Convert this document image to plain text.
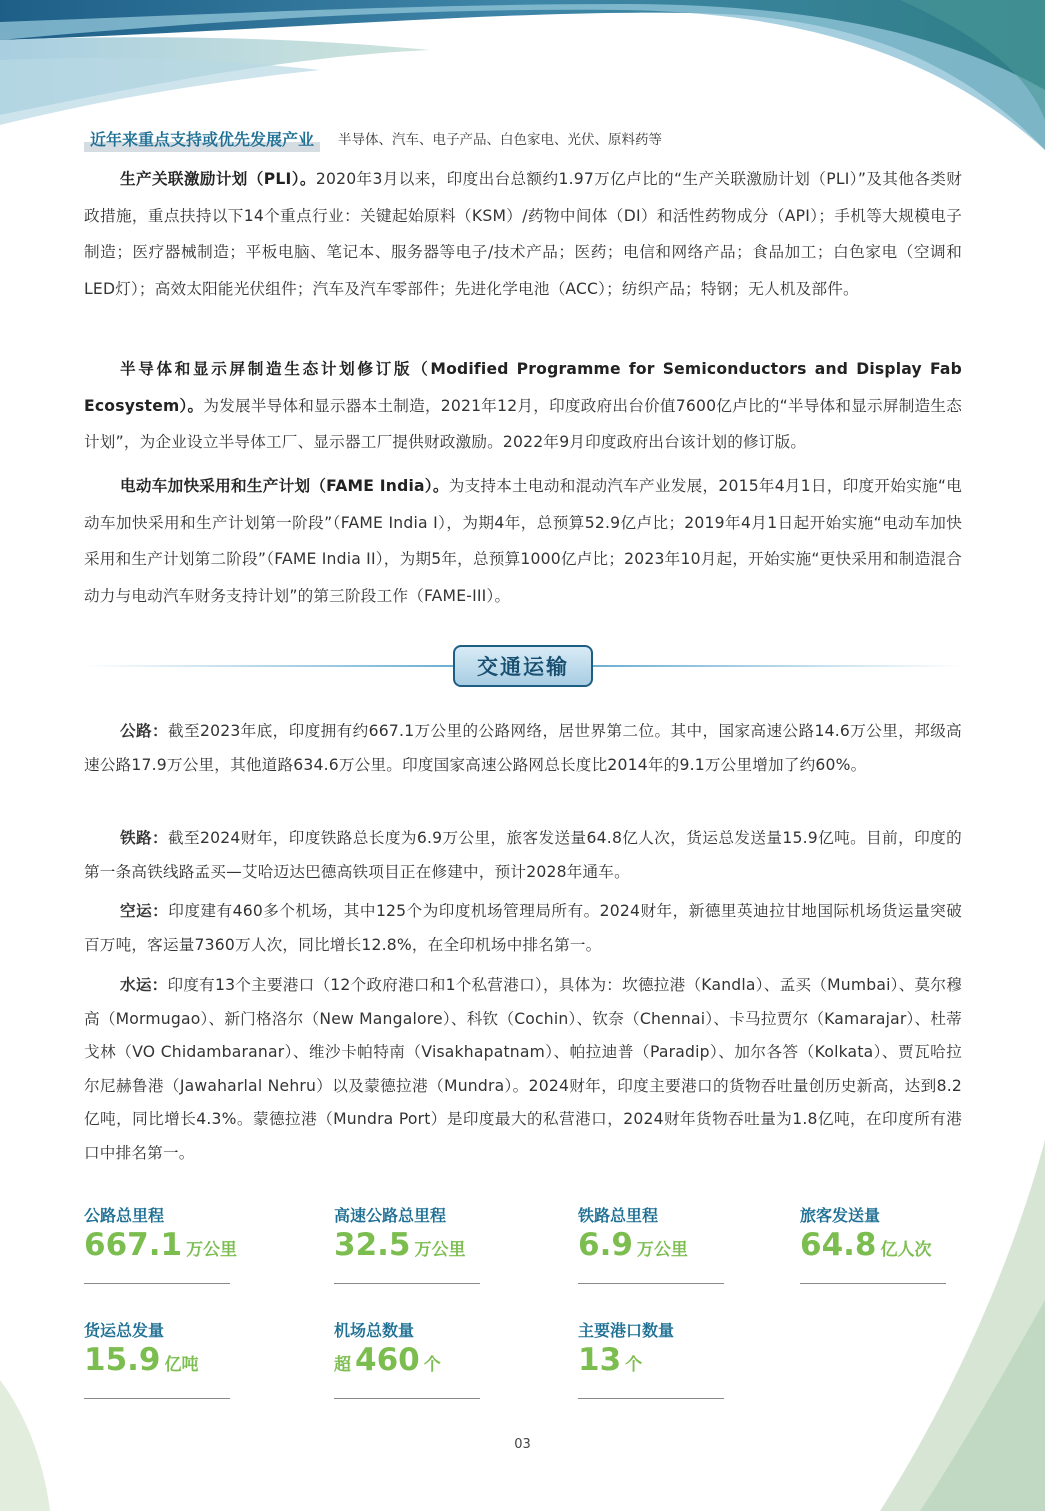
近年来重点支持或优先发展产业	半导体、汽车、电子产品、白色家电、光伏、原料药等

生产关联激励计划（PLI）。2020年3月以来，印度出台总额约1.97万亿卢比的“生产关联激励计划（PLI）”及其他各类财政措施，重点扶持以下14个重点行业：关键起始原料（KSM）/药物中间体（DI）和活性药物成分（API）；手机等大规模电子制造；医疗器械制造；平板电脑、笔记本、服务器等电子/技术产品；医药；电信和网络产品；食品加工；白色家电（空调和LED灯）；高效太阳能光伏组件；汽车及汽车零部件；先进化学电池（ACC）；纺织产品；特钢；无人机及部件。

半导体和显示屏制造生态计划修订版（Modified Programme for Semiconductors and Display Fab Ecosystem）。为发展半导体和显示器本土制造，2021年12月，印度政府出台价值7600亿卢比的“半导体和显示屏制造生态计划”，为企业设立半导体工厂、显示器工厂提供财政激励。2022年9月印度政府出台该计划的修订版。

电动车加快采用和生产计划（FAME India）。为支持本土电动和混动汽车产业发展，2015年4月1日，印度开始实施“电动车加快采用和生产计划第一阶段”（FAME India I），为期4年，总预算52.9亿卢比；2019年4月1日起开始实施“电动车加快采用和生产计划第二阶段”（FAME India II），为期5年，总预算1000亿卢比；2023年10月起，开始实施“更快采用和制造混合动力与电动汽车财务支持计划”的第三阶段工作（FAME-III）。

交通运输

公路：截至2023年底，印度拥有约667.1万公里的公路网络，居世界第二位。其中，国家高速公路14.6万公里，邦级高速公路17.9万公里，其他道路634.6万公里。印度国家高速公路网总长度比2014年的9.1万公里增加了约60%。

铁路：截至2024财年，印度铁路总长度为6.9万公里，旅客发送量64.8亿人次，货运总发送量15.9亿吨。目前，印度的第一条高铁线路孟买—艾哈迈达巴德高铁项目正在修建中，预计2028年通车。

空运：印度建有460多个机场，其中125个为印度机场管理局所有。2024财年，新德里英迪拉甘地国际机场货运量突破百万吨，客运量7360万人次，同比增长12.8%，在全印机场中排名第一。

水运：印度有13个主要港口（12个政府港口和1个私营港口），具体为：坎德拉港（Kandla）、孟买（Mumbai）、莫尔穆高（Mormugao）、新门格洛尔（New Mangalore）、科钦（Cochin）、钦奈（Chennai）、卡马拉贾尔（Kamarajar）、杜蒂戈林（VO Chidambaranar）、维沙卡帕特南（Visakhapatnam）、帕拉迪普（Paradip）、加尔各答（Kolkata）、贾瓦哈拉尔尼赫鲁港（Jawaharlal Nehru）以及蒙德拉港（Mundra）。2024财年，印度主要港口的货物吞吐量创历史新高，达到8.2亿吨，同比增长4.3%。蒙德拉港（Mundra Port）是印度最大的私营港口，2024财年货物吞吐量为1.8亿吨，在印度所有港口中排名第一。

公路总里程
667.1 万公里
高速公路总里程
32.5 万公里
铁路总里程
6.9 万公里
旅客发送量
64.8 亿人次
货运总发量
15.9 亿吨
机场总数量
超 460 个
主要港口数量
13 个
03
